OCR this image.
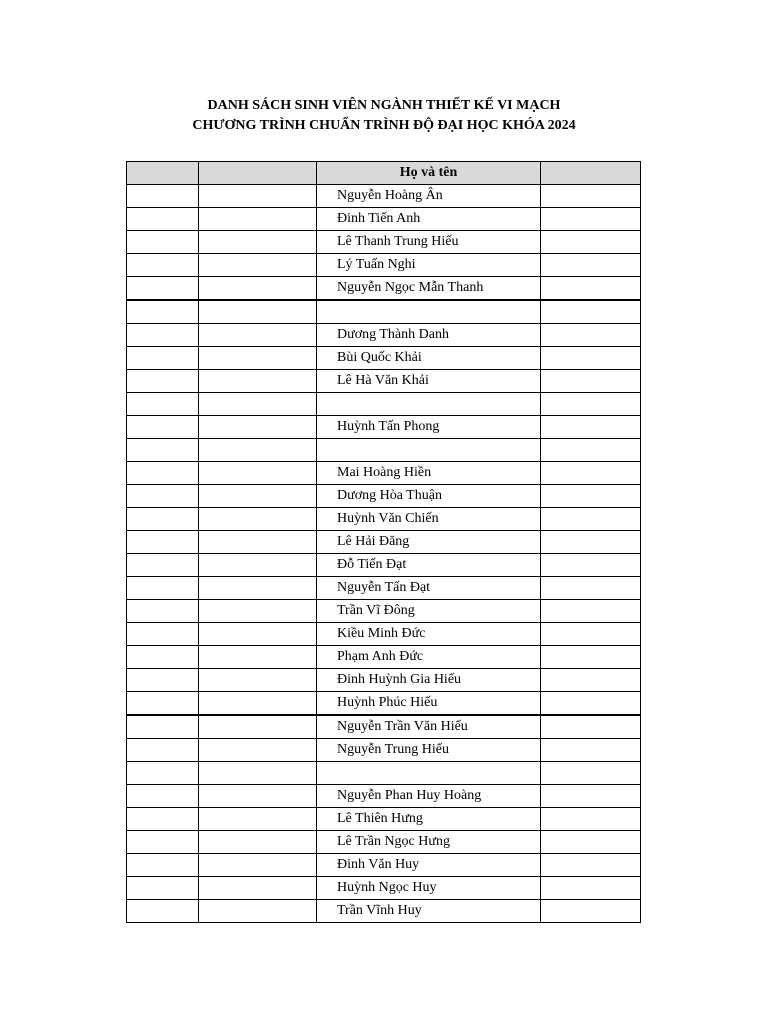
DANH SÁCH SINH VIÊN NGÀNH THIẾT KẾ VI MẠCH
CHƯƠNG TRÌNH CHUẨN TRÌNH ĐỘ ĐẠI HỌC KHÓA 2024
		Họ và tên	
		Nguyễn Hoàng Ân	
		Đinh Tiến Anh	
		Lê Thanh Trung Hiếu	
		Lý Tuấn Nghi	
		Nguyễn Ngọc Mẫn Thanh	

		Dương Thành Danh	
		Bùi Quốc Khải	
		Lê Hà Văn Khải	

		Huỳnh Tấn Phong	

		Mai Hoàng Hiền	
		Dương Hòa Thuận	
		Huỳnh Văn Chiến	
		Lê Hải Đăng	
		Đỗ Tiến Đạt	
		Nguyễn Tấn Đạt	
		Trần Vĩ Đông	
		Kiều Minh Đức	
		Phạm Anh Đức	
		Đinh Huỳnh Gia Hiếu	
		Huỳnh Phúc Hiếu	
		Nguyễn Trần Văn Hiếu	
		Nguyễn Trung Hiếu	

		Nguyễn Phan Huy Hoàng	
		Lê Thiên Hưng	
		Lê Trần Ngọc Hưng	
		Đinh Văn Huy	
		Huỳnh Ngọc Huy	
		Trần Vĩnh Huy	
